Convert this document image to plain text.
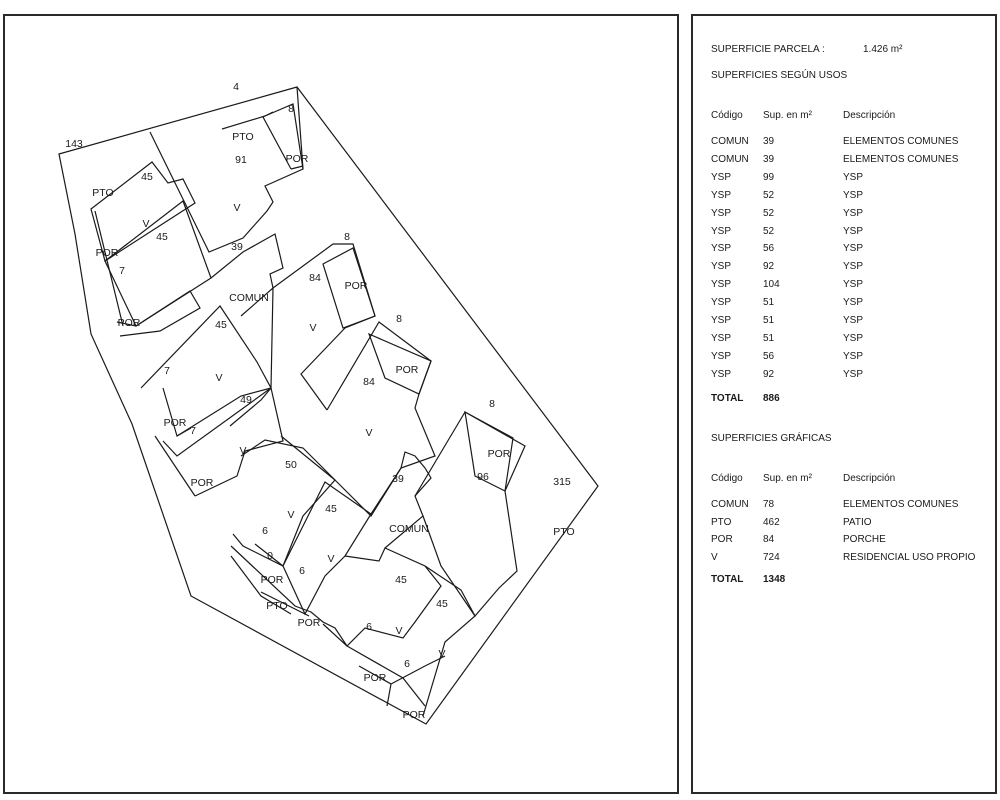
4
PTO
8
91	POR
143
45
PTO
V
45
POR
7
V
39
8
POR
COMUN
84
POR
45	V
8
7
84
POR
POR
49
7
V
POR
V
50
8
96
POR
39	315
45
V
6	COMUN	PTO
0
6
V
POR
PTO
45
POR
45
6 V
V
POR
6
POR
V
SUPERFICIE PARCELA :	1.426 m²
SUPERFICIES SEGÚN USOS
Código Sup. en m²	Descripción
COMUN 39	ELEMENTOS COMUNES
COMUN 39	ELEMENTOS COMUNES
YSP	99	YSP
YSP	52	YSP
YSP	52	YSP
YSP	52	YSP
YSP	56	YSP
YSP	92	YSP
YSP	104	YSP
YSP	51	YSP
YSP	51	YSP
YSP	51	YSP
YSP	56	YSP
YSP	92	YSP
TOTAL 886
SUPERFICIES GRÁFICAS
Código Sup. en m²	Descripción
COMUN 78	ELEMENTOS COMUNES
PTO	462	PATIO
POR	84	PORCHE
V	724	RESIDENCIAL USO PROPIO
TOTAL 1348
